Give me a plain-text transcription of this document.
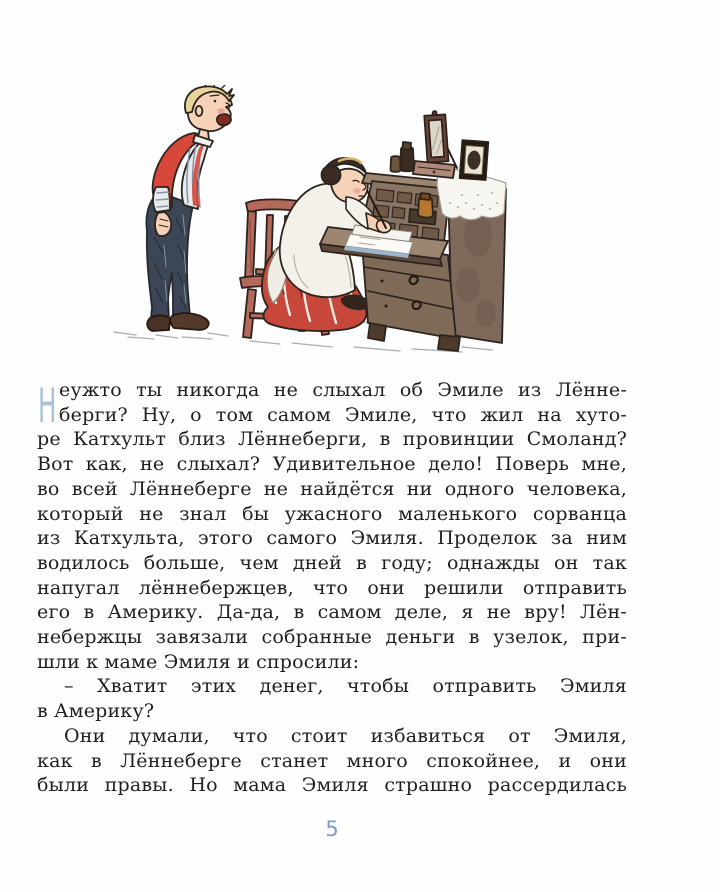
Н еужто ты никогда не слыхал об Эмиле из Лённе-
берги? Ну, о том самом Эмиле, что жил на хуто-
ре Катхульт близ Лённеберги, в провинции Смоланд?
Вот как, не слыхал? Удивительное дело! Поверь мне,
во всей Лённеберге не найдётся ни одного человека,
который не знал бы ужасного маленького сорванца
из Катхульта, этого самого Эмиля. Проделок за ним
водилось больше, чем дней в году; однажды он так
напугал лённебержцев, что они решили отправить
его в Америку. Да-да, в самом деле, я не вру! Лён-
небержцы завязали собранные деньги в узелок, при-
шли к маме Эмиля и спросили:
– Хватит этих денег, чтобы отправить Эмиля
в Америку?
Они думали, что стоит избавиться от Эмиля,
как в Лённеберге станет много спокойнее, и они
были правы. Но мама Эмиля страшно рассердилась
5
